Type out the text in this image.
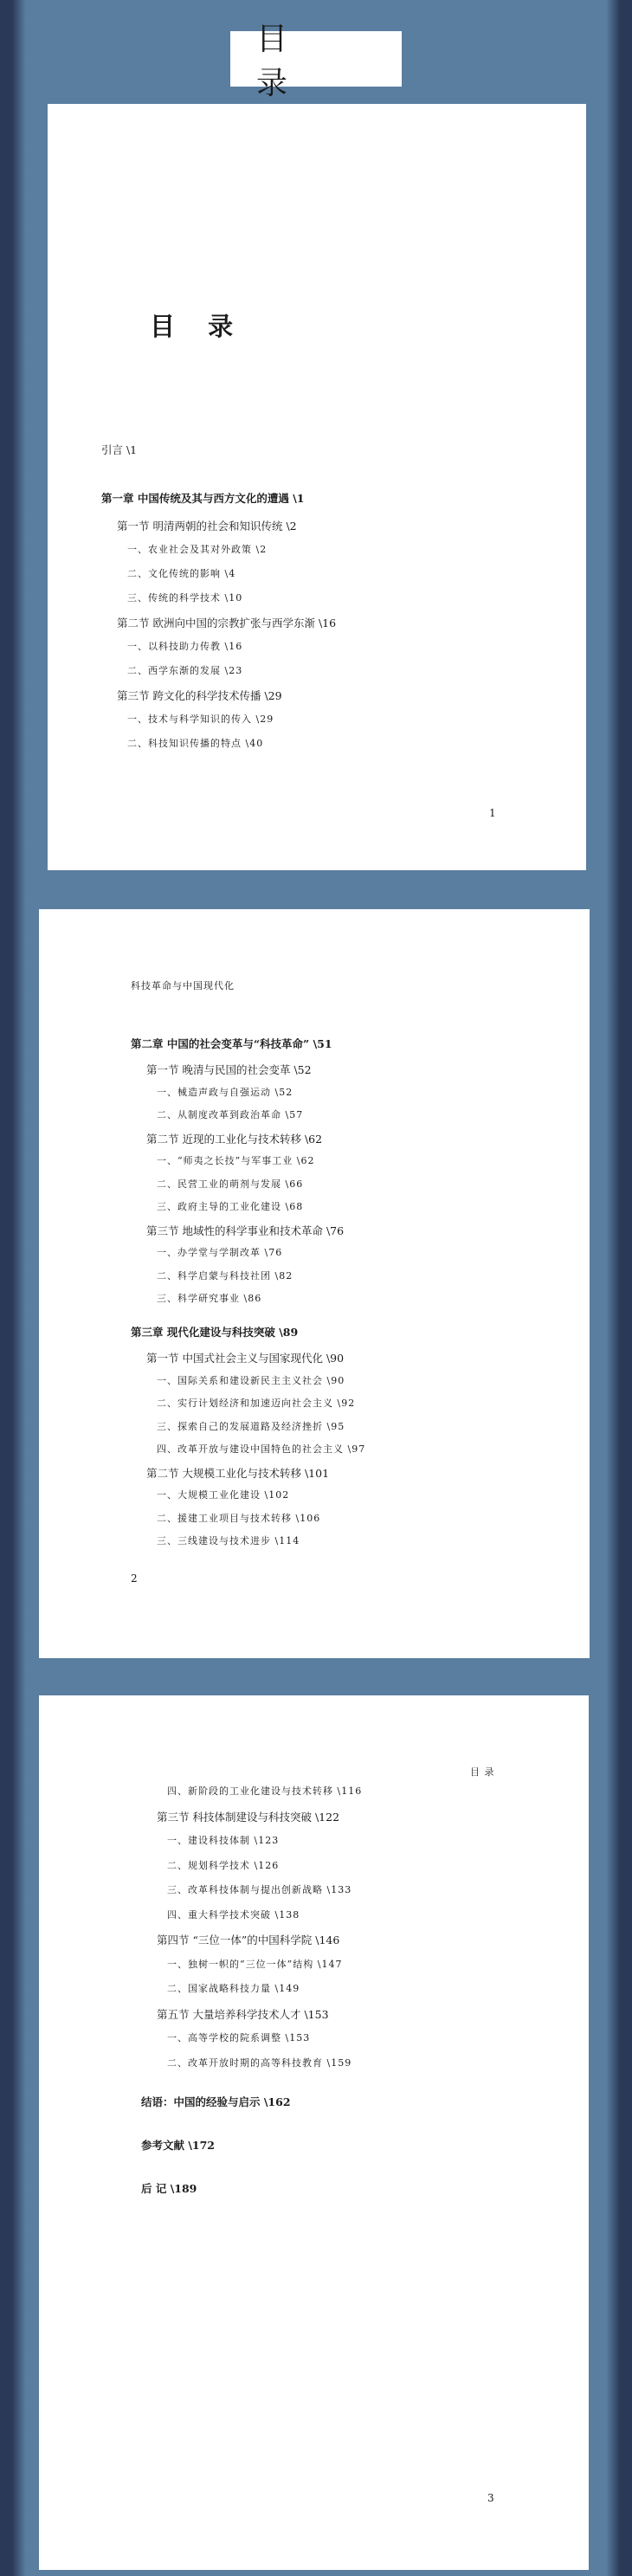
目 录
目 录
引言 \1
第一章 中国传统及其与西方文化的遭遇 \1
第一节 明清两朝的社会和知识传统 \2
一、农业社会及其对外政策 \2
二、文化传统的影响 \4
三、传统的科学技术 \10
第二节 欧洲向中国的宗教扩张与西学东渐 \16
一、以科技助力传教 \16
二、西学东渐的发展 \23
第三节 跨文化的科学技术传播 \29
一、技术与科学知识的传入 \29
二、科技知识传播的特点 \40
1
科技革命与中国现代化
第二章 中国的社会变革与“科技革命” \51
第一节 晚清与民国的社会变革 \52
一、械造声政与自强运动 \52
二、从制度改革到政治革命 \57
第二节 近现的工业化与技术转移 \62
一、“师夷之长技”与军事工业 \62
二、民营工业的萌剂与发展 \66
三、政府主导的工业化建设 \68
第三节 地域性的科学事业和技术革命 \76
一、办学堂与学制改革 \76
二、科学启蒙与科技社团 \82
三、科学研究事业 \86
第三章 现代化建设与科技突破 \89
第一节 中国式社会主义与国家现代化 \90
一、国际关系和建设新民主主义社会 \90
二、实行计划经济和加速迈向社会主义 \92
三、探索自己的发展道路及经济挫折 \95
四、改革开放与建设中国特色的社会主义 \97
第二节 大规模工业化与技术转移 \101
一、大规模工业化建设 \102
二、援建工业项目与技术转移 \106
三、三线建设与技术进步 \114
2
目 录
四、新阶段的工业化建设与技术转移 \116
第三节 科技体制建设与科技突破 \122
一、建设科技体制 \123
二、规划科学技术 \126
三、改革科技体制与提出创新战略 \133
四、重大科学技术突破 \138
第四节 “三位一体”的中国科学院 \146
一、独树一帜的“三位一体”结构 \147
二、国家战略科技力量 \149
第五节 大量培养科学技术人才 \153
一、高等学校的院系调整 \153
二、改革开放时期的高等科技教育 \159
结语：中国的经验与启示 \162
参考文献 \172
后 记 \189
3
